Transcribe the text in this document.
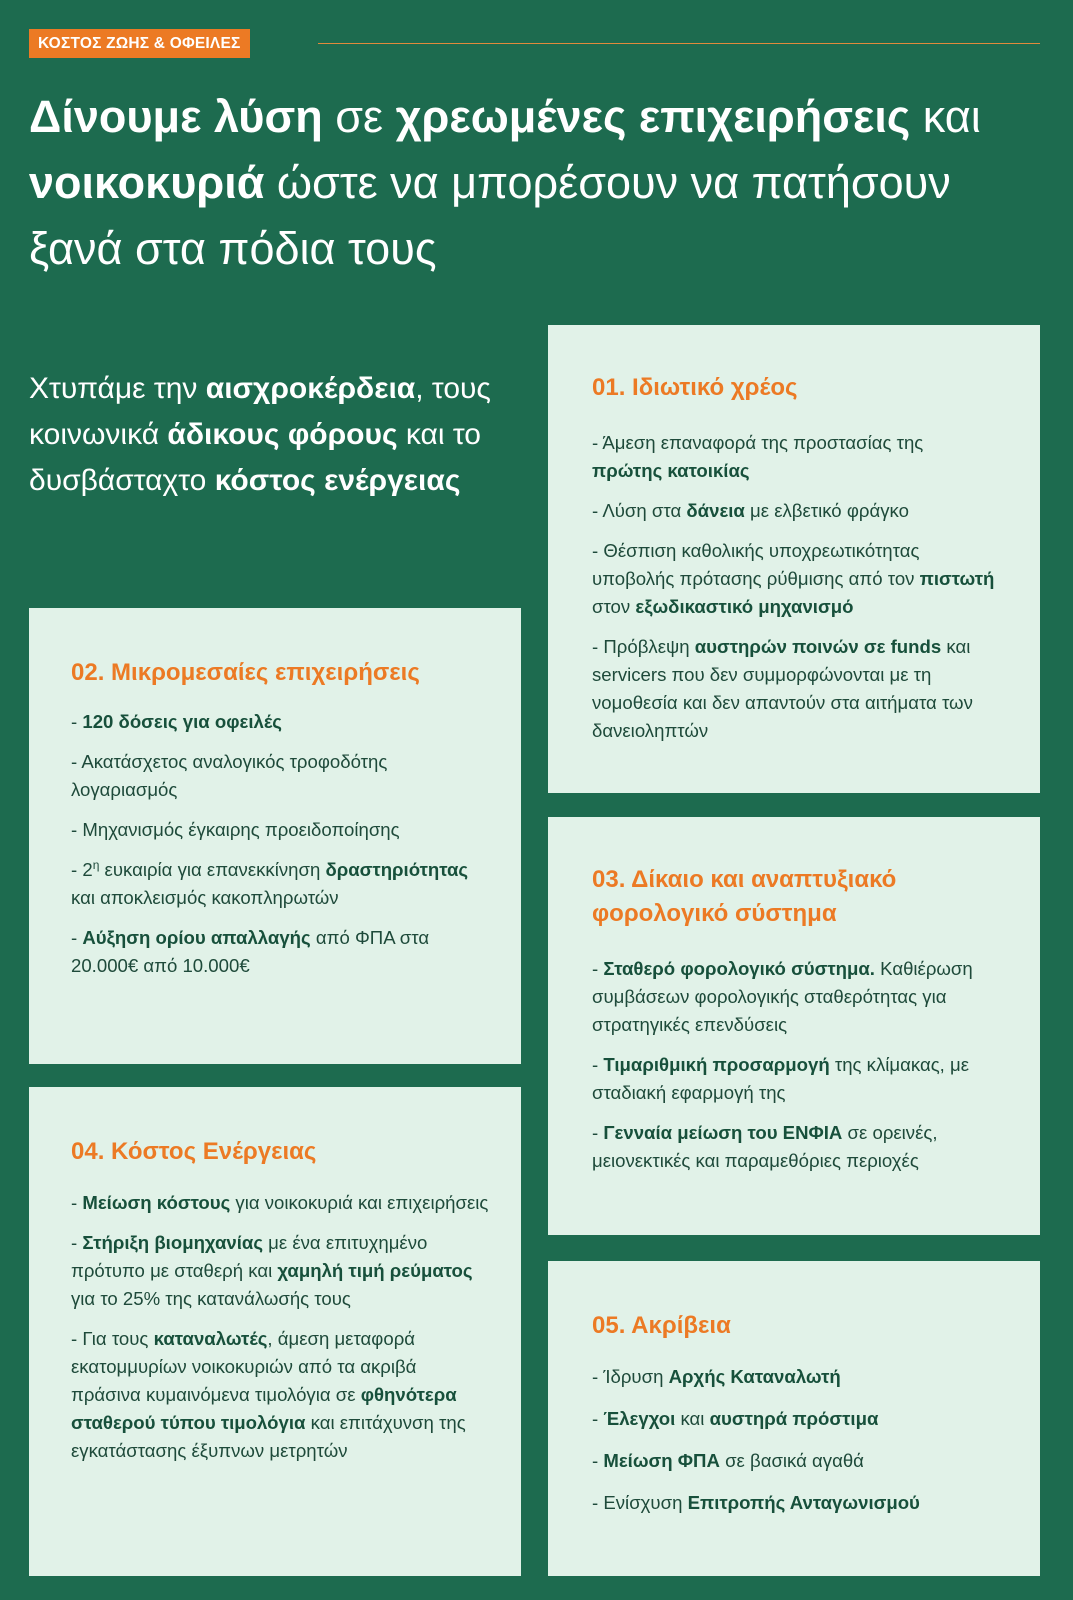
ΚΟΣΤΟΣ ΖΩΗΣ & ΟΦΕΙΛΕΣ
Δίνουμε λύση σε χρεωμένες επιχειρήσεις και νοικοκυριά ώστε να μπορέσουν να πατήσουν ξανά στα πόδια τους

Χτυπάμε την αισχροκέρδεια, τους κοινωνικά άδικους φόρους και το δυσβάσταχτο κόστος ενέργειας

01. Ιδιωτικό χρέος

- Άμεση επαναφορά της προστασίας της πρώτης κατοικίας

- Λύση στα δάνεια με ελβετικό φράγκο

- Θέσπιση καθολικής υποχρεωτικότητας υποβολής πρότασης ρύθμισης από τον πιστωτή στον εξωδικαστικό μηχανισμό

- Πρόβλεψη αυστηρών ποινών σε funds και servicers που δεν συμμορφώνονται με τη νομοθεσία και δεν απαντούν στα αιτήματα των δανειοληπτών

02. Μικρομεσαίες επιχειρήσεις

- 120 δόσεις για οφειλές

- Ακατάσχετος αναλογικός τροφοδότης λογαριασμός

- Μηχανισμός έγκαιρης προειδοποίησης

- $2^\eta$ ευκαιρία για επανεκκίνηση δραστηριότητας και αποκλεισμός κακοπληρωτών

- Αύξηση ορίου απαλλαγής από ΦΠΑ στα 20.000€ από 10.000€

03. Δίκαιο και αναπτυξιακό φορολογικό σύστημα

- Σταθερό φορολογικό σύστημα. Καθιέρωση συμβάσεων φορολογικής σταθερότητας για στρατηγικές επενδύσεις

- Τιμαριθμική προσαρμογή της κλίμακας, με σταδιακή εφαρμογή της

- Γενναία μείωση του ΕΝΦΙΑ σε ορεινές, μειονεκτικές και παραμεθόριες περιοχές

04. Κόστος Ενέργειας

- Μείωση κόστους για νοικοκυριά και επιχειρήσεις

- Στήριξη βιομηχανίας με ένα επιτυχημένο πρότυπο με σταθερή και χαμηλή τιμή ρεύματος για το 25% της κατανάλωσής τους

- Για τους καταναλωτές, άμεση μεταφορά εκατομμυρίων νοικοκυριών από τα ακριβά πράσινα κυμαινόμενα τιμολόγια σε φθηνότερα σταθερού τύπου τιμολόγια και επιτάχυνση της εγκατάστασης έξυπνων μετρητών

05. Ακρίβεια

- Ίδρυση Αρχής Καταναλωτή

- Έλεγχοι και αυστηρά πρόστιμα

- Μείωση ΦΠΑ σε βασικά αγαθά

- Ενίσχυση Επιτροπής Ανταγωνισμού
